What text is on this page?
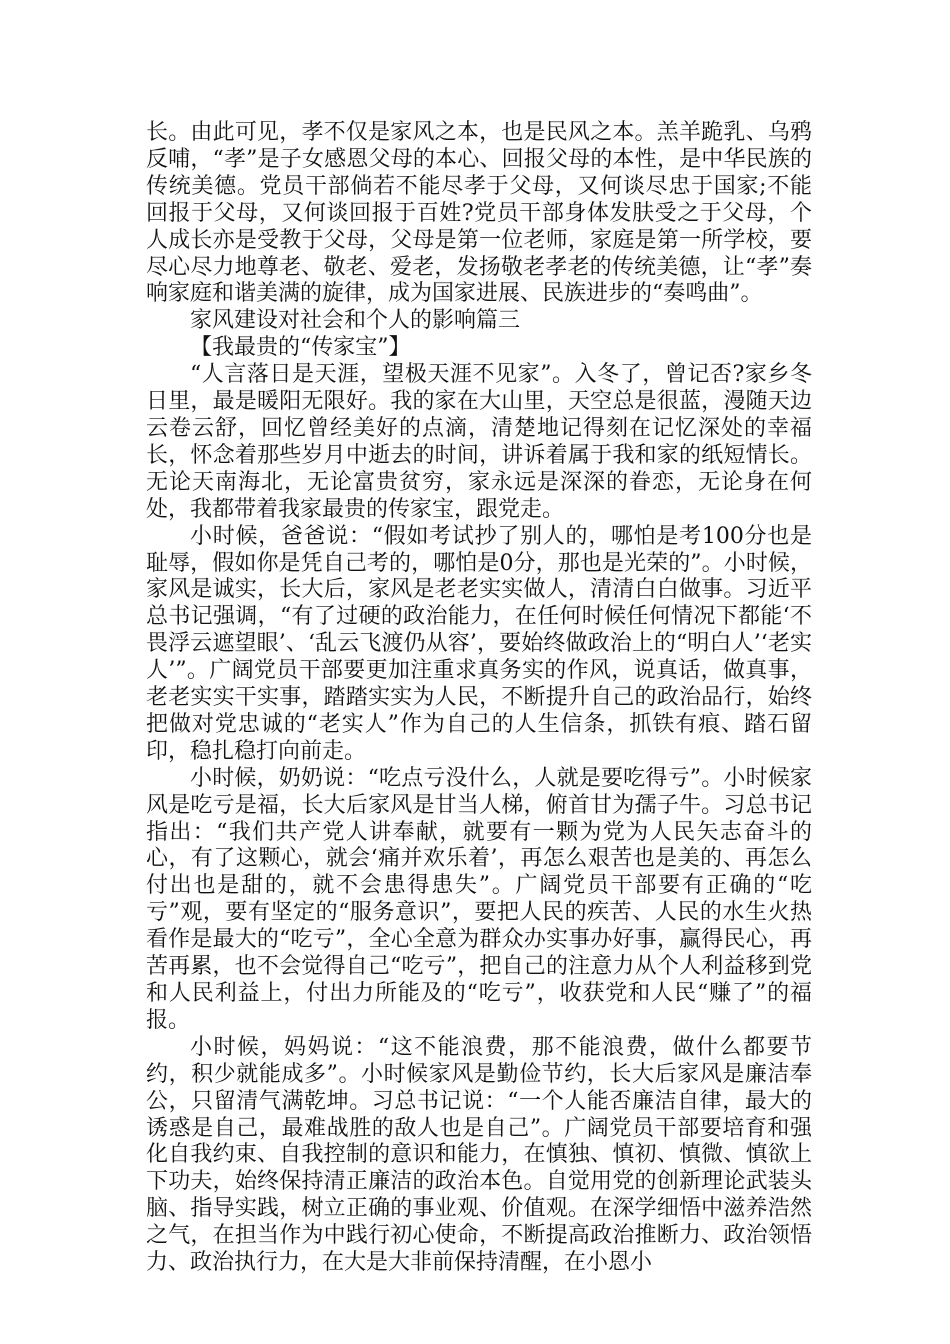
长。由此可见，孝不仅是家风之本，也是民风之本。羔羊跪乳、乌鸦反哺，“孝”是子女感恩父母的本心、回报父母的本性，是中华民族的传统美德。党员干部倘若不能尽孝于父母，又何谈尽忠于国家;不能回报于父母，又何谈回报于百姓?党员干部身体发肤受之于父母，个人成长亦是受教于父母，父母是第一位老师，家庭是第一所学校，要尽心尽力地尊老、敬老、爱老，发扬敬老孝老的传统美德，让“孝”奏响家庭和谐美满的旋律，成为国家进展、民族进步的“奏鸣曲”。

家风建设对社会和个人的影响篇三

【我最贵的“传家宝”】

“人言落日是天涯，望极天涯不见家”。入冬了，曾记否?家乡冬日里，最是暖阳无限好。我的家在大山里，天空总是很蓝，漫随天边云卷云舒，回忆曾经美好的点滴，清楚地记得刻在记忆深处的幸福长，怀念着那些岁月中逝去的时间，讲诉着属于我和家的纸短情长。无论天南海北，无论富贵贫穷，家永远是深深的眷恋，无论身在何处，我都带着我家最贵的传家宝，跟党走。

小时候，爸爸说：“假如考试抄了别人的，哪怕是考100分也是耻辱，假如你是凭自己考的，哪怕是0分，那也是光荣的”。小时候，家风是诚实，长大后，家风是老老实实做人，清清白白做事。习近平总书记强调，“有了过硬的政治能力，在任何时候任何情况下都能‘不畏浮云遮望眼’、‘乱云飞渡仍从容’，要始终做政治上的“明白人’‘老实人’”。广阔党员干部要更加注重求真务实的作风，说真话，做真事，老老实实干实事，踏踏实实为人民，不断提升自己的政治品行，始终把做对党忠诚的“老实人”作为自己的人生信条，抓铁有痕、踏石留印，稳扎稳打向前走。

小时候，奶奶说：“吃点亏没什么，人就是要吃得亏”。小时候家风是吃亏是福，长大后家风是甘当人梯，俯首甘为孺子牛。习总书记指出：“我们共产党人讲奉献，就要有一颗为党为人民矢志奋斗的心，有了这颗心，就会‘痛并欢乐着’，再怎么艰苦也是美的、再怎么付出也是甜的，就不会患得患失”。广阔党员干部要有正确的“吃亏”观，要有坚定的“服务意识”，要把人民的疾苦、人民的水生火热看作是最大的“吃亏”，全心全意为群众办实事办好事，赢得民心，再苦再累，也不会觉得自己“吃亏”，把自己的注意力从个人利益移到党和人民利益上，付出力所能及的“吃亏”，收获党和人民“赚了”的福报。

小时候，妈妈说：“这不能浪费，那不能浪费，做什么都要节约，积少就能成多”。小时候家风是勤俭节约，长大后家风是廉洁奉公，只留清气满乾坤。习总书记说：“一个人能否廉洁自律，最大的诱惑是自己，最难战胜的敌人也是自己”。广阔党员干部要培育和强化自我约束、自我控制的意识和能力，在慎独、慎初、慎微、慎欲上下功夫，始终保持清正廉洁的政治本色。自觉用党的创新理论武装头脑、指导实践，树立正确的事业观、价值观。在深学细悟中滋养浩然之气，在担当作为中践行初心使命，不断提高政治推断力、政治领悟力、政治执行力，在大是大非前保持清醒，在小恩小
